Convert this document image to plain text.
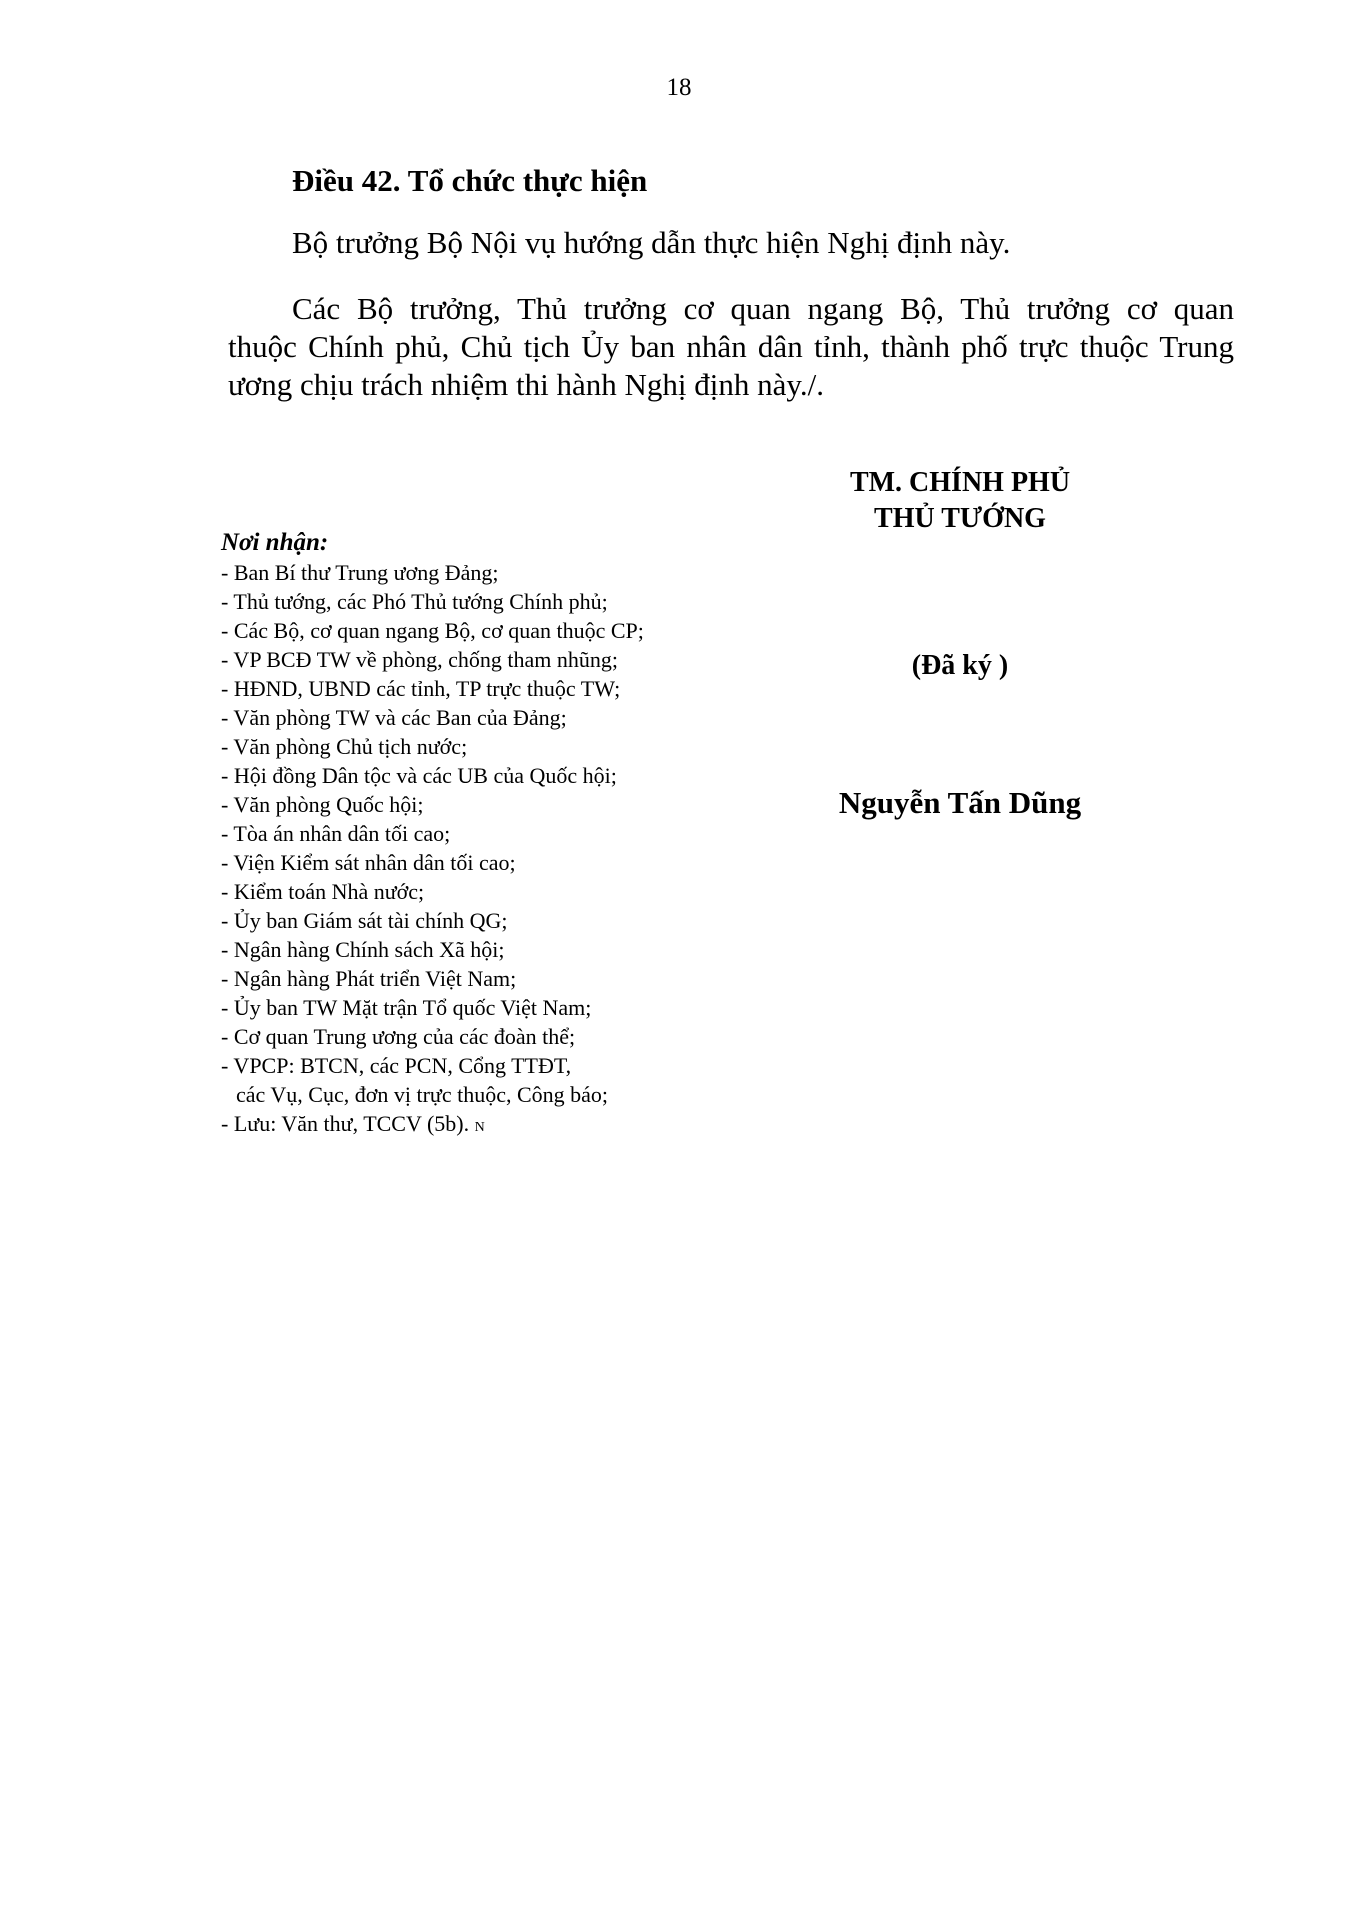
18
Điều 42. Tổ chức thực hiện
Bộ trưởng Bộ Nội vụ hướng dẫn thực hiện Nghị định này.
Các Bộ trưởng, Thủ trưởng cơ quan ngang Bộ, Thủ trưởng cơ quan
thuộc Chính phủ, Chủ tịch Ủy ban nhân dân tỉnh, thành phố trực thuộc Trung
ương chịu trách nhiệm thi hành Nghị định này./.
TM. CHÍNH PHỦ
THỦ TƯỚNG
(Đã ký )
Nguyễn Tấn Dũng
Nơi nhận:
- Ban Bí thư Trung ương Đảng;
- Thủ tướng, các Phó Thủ tướng Chính phủ;
- Các Bộ, cơ quan ngang Bộ, cơ quan thuộc CP;
- VP BCĐ TW về phòng, chống tham nhũng;
- HĐND, UBND các tỉnh, TP trực thuộc TW;
- Văn phòng TW và các Ban của Đảng;
- Văn phòng Chủ tịch nước;
- Hội đồng Dân tộc và các UB của Quốc hội;
- Văn phòng Quốc hội;
- Tòa án nhân dân tối cao;
- Viện Kiểm sát nhân dân tối cao;
- Kiểm toán Nhà nước;
- Ủy ban Giám sát tài chính QG;
- Ngân hàng Chính sách Xã hội;
- Ngân hàng Phát triển Việt Nam;
- Ủy ban TW Mặt trận Tổ quốc Việt Nam;
- Cơ quan Trung ương của các đoàn thể;
- VPCP: BTCN, các PCN, Cổng TTĐT,
các Vụ, Cục, đơn vị trực thuộc, Công báo;
- Lưu: Văn thư, TCCV (5b). N
